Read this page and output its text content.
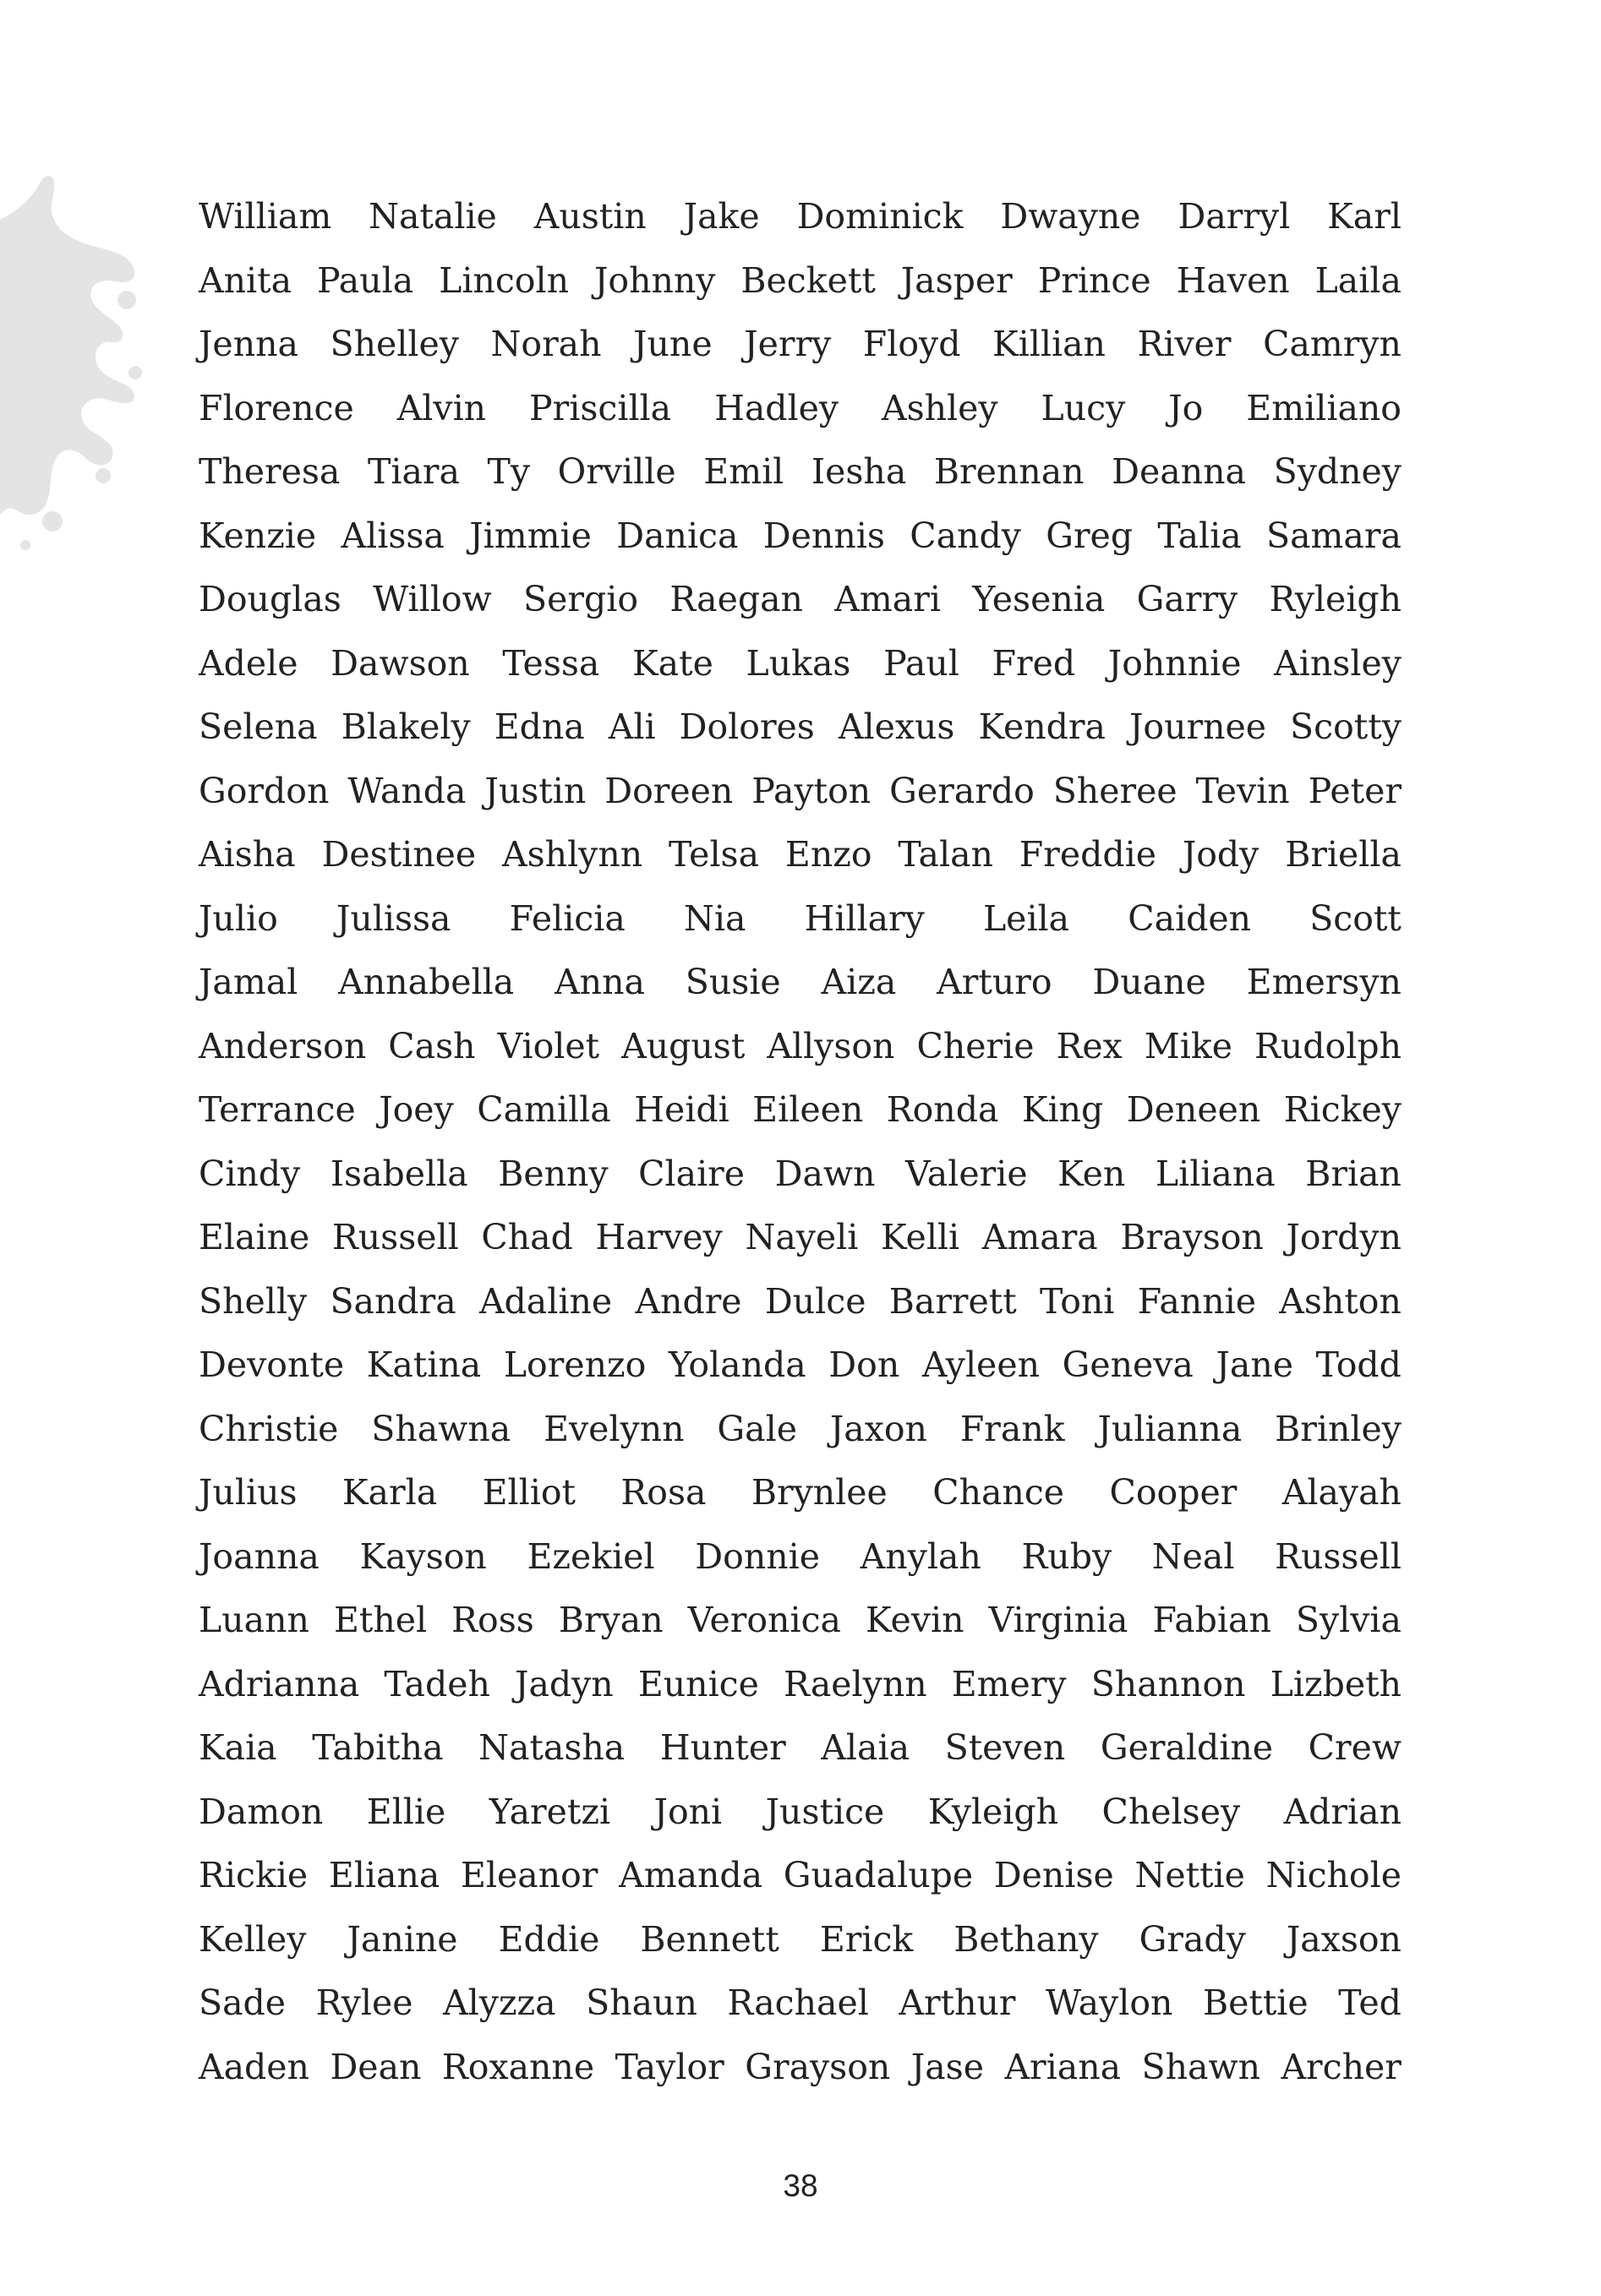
William Natalie Austin Jake Dominick Dwayne Darryl Karl
Anita Paula Lincoln Johnny Beckett Jasper Prince Haven Laila
Jenna Shelley Norah June Jerry Floyd Killian River Camryn
Florence Alvin Priscilla Hadley Ashley Lucy Jo Emiliano
Theresa Tiara Ty Orville Emil Iesha Brennan Deanna Sydney
Kenzie Alissa Jimmie Danica Dennis Candy Greg Talia Samara
Douglas Willow Sergio Raegan Amari Yesenia Garry Ryleigh
Adele Dawson Tessa Kate Lukas Paul Fred Johnnie Ainsley
Selena Blakely Edna Ali Dolores Alexus Kendra Journee Scotty
Gordon Wanda Justin Doreen Payton Gerardo Sheree Tevin Peter
Aisha Destinee Ashlynn Telsa Enzo Talan Freddie Jody Briella
Julio Julissa Felicia Nia Hillary Leila Caiden Scott
Jamal Annabella Anna Susie Aiza Arturo Duane Emersyn
Anderson Cash Violet August Allyson Cherie Rex Mike Rudolph
Terrance Joey Camilla Heidi Eileen Ronda King Deneen Rickey
Cindy Isabella Benny Claire Dawn Valerie Ken Liliana Brian
Elaine Russell Chad Harvey Nayeli Kelli Amara Brayson Jordyn
Shelly Sandra Adaline Andre Dulce Barrett Toni Fannie Ashton
Devonte Katina Lorenzo Yolanda Don Ayleen Geneva Jane Todd
Christie Shawna Evelynn Gale Jaxon Frank Julianna Brinley
Julius Karla Elliot Rosa Brynlee Chance Cooper Alayah
Joanna Kayson Ezekiel Donnie Anylah Ruby Neal Russell
Luann Ethel Ross Bryan Veronica Kevin Virginia Fabian Sylvia
Adrianna Tadeh Jadyn Eunice Raelynn Emery Shannon Lizbeth
Kaia Tabitha Natasha Hunter Alaia Steven Geraldine Crew
Damon Ellie Yaretzi Joni Justice Kyleigh Chelsey Adrian
Rickie Eliana Eleanor Amanda Guadalupe Denise Nettie Nichole
Kelley Janine Eddie Bennett Erick Bethany Grady Jaxson
Sade Rylee Alyzza Shaun Rachael Arthur Waylon Bettie Ted
Aaden Dean Roxanne Taylor Grayson Jase Ariana Shawn Archer
38
